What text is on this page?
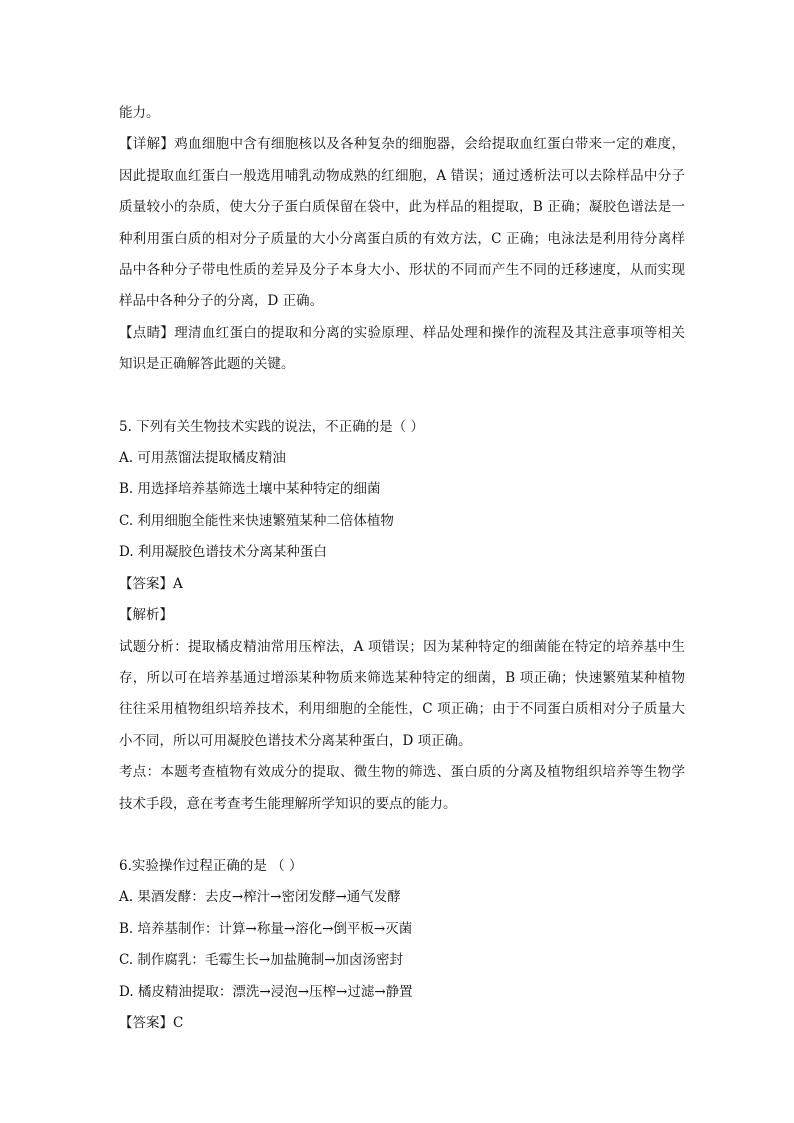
能力。

【详解】鸡血细胞中含有细胞核以及各种复杂的细胞器，会给提取血红蛋白带来一定的难度，因此提取血红蛋白一般选用哺乳动物成熟的红细胞，A 错误；通过透析法可以去除样品中分子质量较小的杂质，使大分子蛋白质保留在袋中，此为样品的粗提取，B 正确；凝胶色谱法是一种利用蛋白质的相对分子质量的大小分离蛋白质的有效方法，C 正确；电泳法是利用待分离样品中各种分子带电性质的差异及分子本身大小、形状的不同而产生不同的迁移速度，从而实现样品中各种分子的分离，D 正确。

【点睛】理清血红蛋白的提取和分离的实验原理、样品处理和操作的流程及其注意事项等相关知识是正确解答此题的关键。

5. 下列有关生物技术实践的说法，不正确的是（ ）

A. 可用蒸馏法提取橘皮精油

B. 用选择培养基筛选土壤中某种特定的细菌

C. 利用细胞全能性来快速繁殖某种二倍体植物

D. 利用凝胶色谱技术分离某种蛋白

【答案】A

【解析】

试题分析：提取橘皮精油常用压榨法，A 项错误；因为某种特定的细菌能在特定的培养基中生存，所以可在培养基通过增添某种物质来筛选某种特定的细菌，B 项正确；快速繁殖某种植物往往采用植物组织培养技术，利用细胞的全能性，C 项正确；由于不同蛋白质相对分子质量大小不同，所以可用凝胶色谱技术分离某种蛋白，D 项正确。

考点：本题考查植物有效成分的提取、微生物的筛选、蛋白质的分离及植物组织培养等生物学技术手段，意在考查考生能理解所学知识的要点的能力。

6.实验操作过程正确的是 （ ）

A. 果酒发酵：去皮→榨汁→密闭发酵→通气发酵

B. 培养基制作：计算→称量→溶化→倒平板→灭菌

C. 制作腐乳：毛霉生长→加盐腌制→加卤汤密封

D. 橘皮精油提取：漂洗→浸泡→压榨→过滤→静置

【答案】C
